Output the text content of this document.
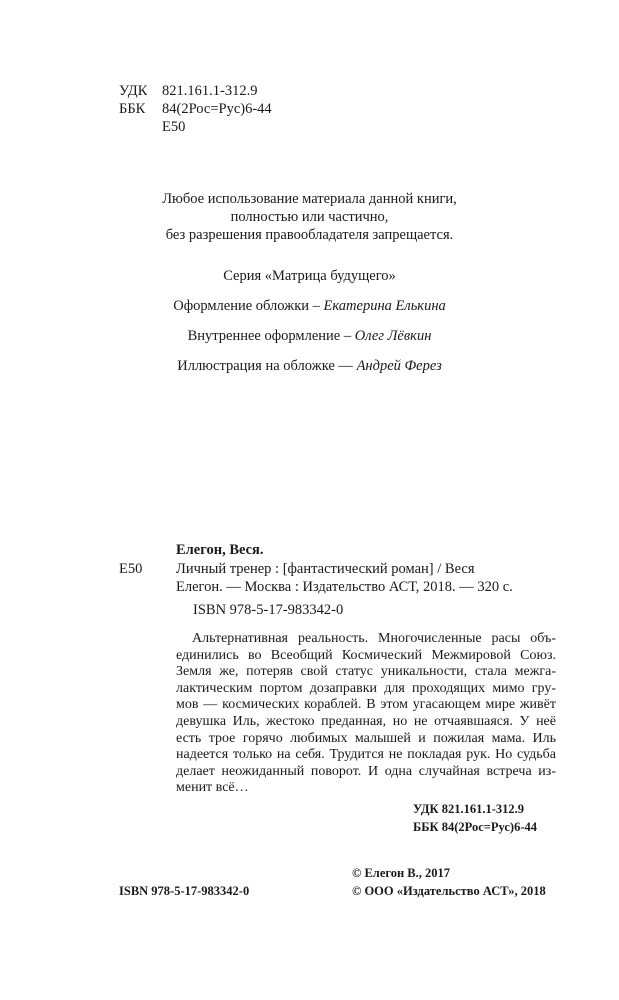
УДК 821.161.1-312.9
ББК 84(2Рос=Рус)6-44
Е50
Любое использование материала данной книги,
полностью или частично,
без разрешения правообладателя запрещается.
Серия «Матрица будущего»
Оформление обложки – Екатерина Елькина
Внутреннее оформление – Олег Лёвкин
Иллюстрация на обложке — Андрей Ферез
Елегон, Веся.
Е50 Личный тренер : [фантастический роман] / Веся
Елегон. — Москва : Издательство АСТ, 2018. — 320 с.
ISBN 978-5-17-983342-0
Альтернативная реальность. Многочисленные расы объ-
единились во Всеобщий Космический Межмировой Союз.
Земля же, потеряв свой статус уникальности, стала межга-
лактическим портом дозаправки для проходящих мимо гру-
мов — космических кораблей. В этом угасающем мире живёт
девушка Иль, жестоко преданная, но не отчаявшаяся. У неё
есть трое горячо любимых малышей и пожилая мама. Иль
надеется только на себя. Трудится не покладая рук. Но судьба
делает неожиданный поворот. И одна случайная встреча из-
менит всё…
УДК 821.161.1-312.9
ББК 84(2Рос=Рус)6-44
ISBN 978-5-17-983342-0
© Елегон В., 2017
© ООО «Издательство АСТ», 2018
